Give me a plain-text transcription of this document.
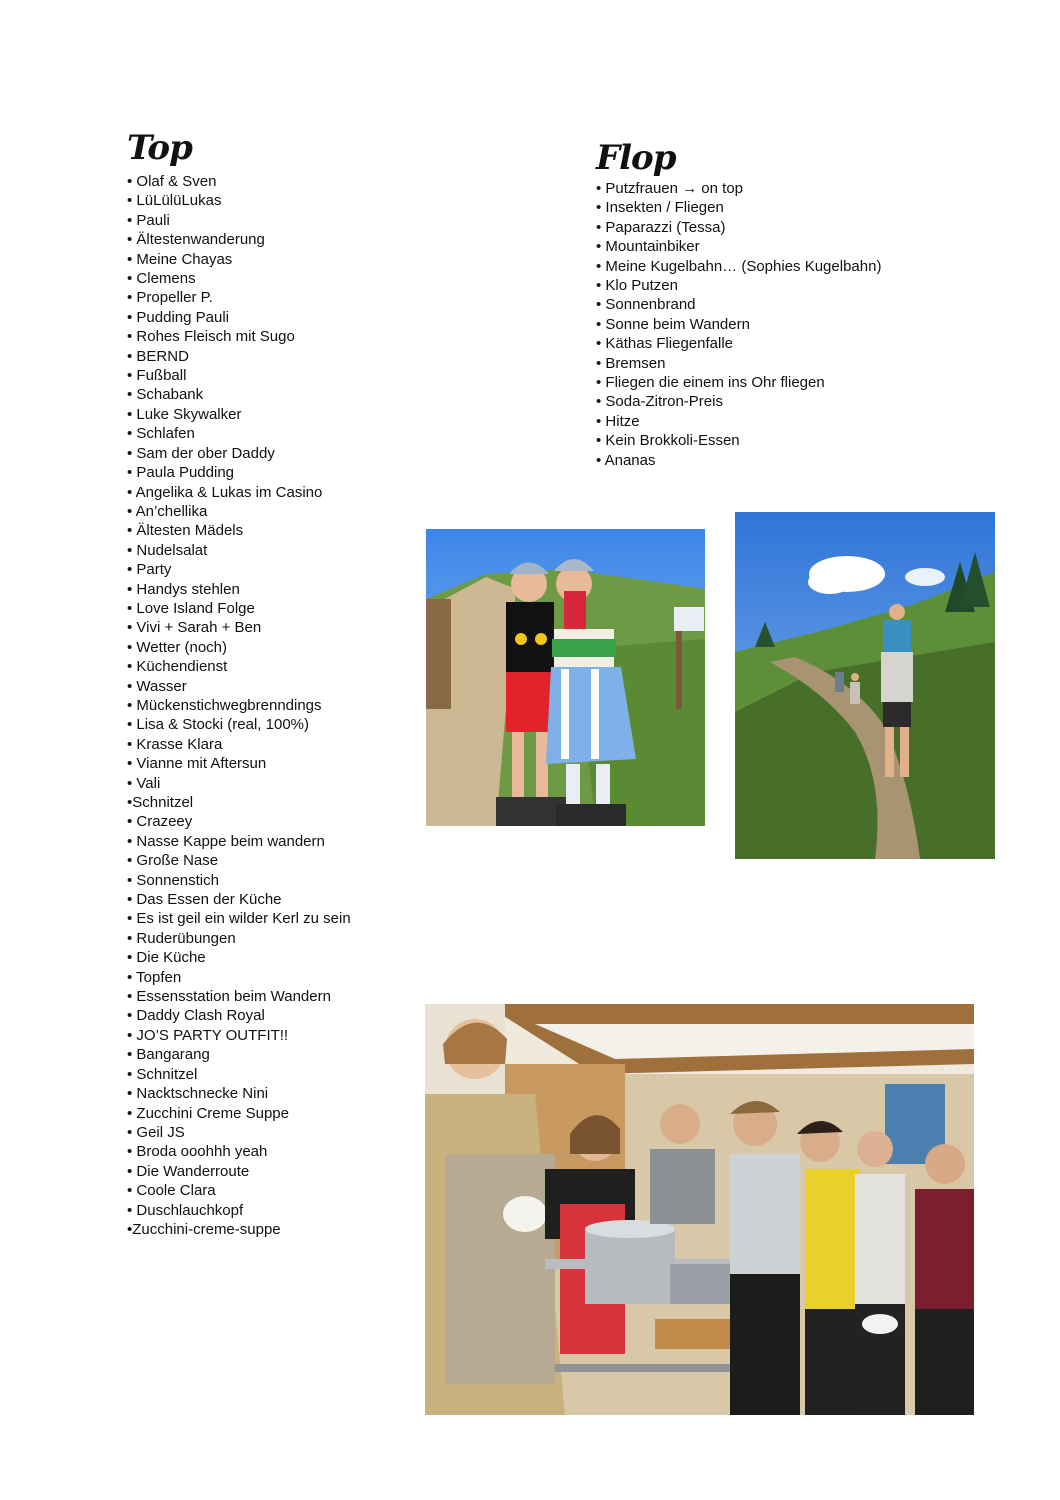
Top
• Olaf & Sven
• LüLülüLukas
• Pauli
• Ältestenwanderung
• Meine Chayas
• Clemens
• Propeller P.
• Pudding Pauli
• Rohes Fleisch mit Sugo
• BERND
• Fußball
• Schabank
• Luke Skywalker
• Schlafen
• Sam der ober Daddy
• Paula Pudding
• Angelika & Lukas im Casino
• An’chellika
• Ältesten Mädels
• Nudelsalat
• Party
• Handys stehlen
• Love Island Folge
• Vivi + Sarah + Ben
• Wetter (noch)
• Küchendienst
• Wasser
• Mückenstichwegbrenndings
• Lisa & Stocki (real, 100%)
• Krasse Klara
• Vianne mit Aftersun
• Vali
•Schnitzel
• Crazeey
• Nasse Kappe beim wandern
• Große Nase
• Sonnenstich
• Das Essen der Küche
• Es ist geil ein wilder Kerl zu sein
• Ruderübungen
• Die Küche
• Topfen
• Essensstation beim Wandern
• Daddy Clash Royal
• JO’S PARTY OUTFIT!!
• Bangarang
• Schnitzel
• Nacktschnecke Nini
• Zucchini Creme Suppe
• Geil JS
• Broda ooohhh yeah
• Die Wanderroute
• Coole Clara
• Duschlauchkopf
•Zucchini-creme-suppe
Flop
• Putzfrauen → on top
• Insekten / Fliegen
• Paparazzi (Tessa)
• Mountainbiker
• Meine Kugelbahn… (Sophies Kugelbahn)
• Klo Putzen
• Sonnenbrand
• Sonne beim Wandern
• Käthas Fliegenfalle
• Bremsen
• Fliegen die einem ins Ohr fliegen
• Soda-Zitron-Preis
• Hitze
• Kein Brokkoli-Essen
• Ananas
